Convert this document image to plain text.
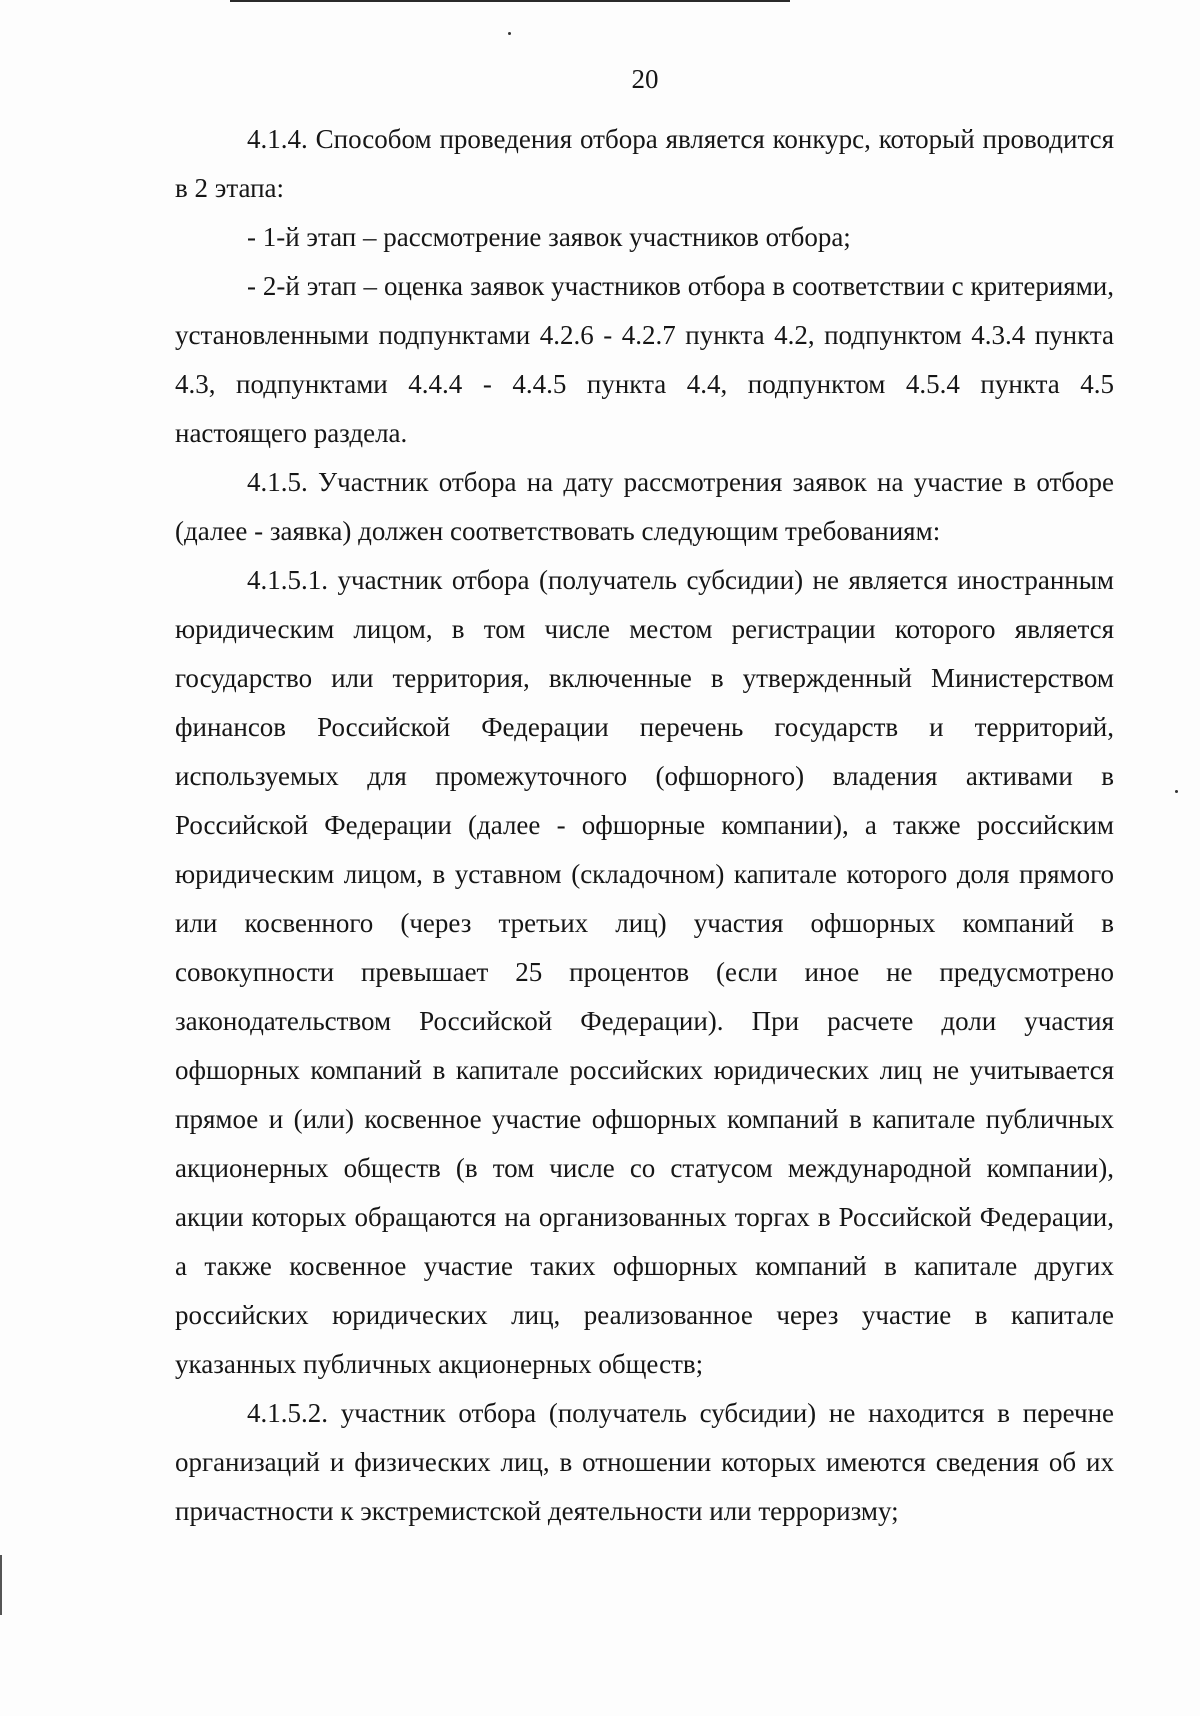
20

4.1.4. Способом проведения отбора является конкурс, который проводится в 2 этапа:

- 1-й этап – рассмотрение заявок участников отбора;

- 2-й этап – оценка заявок участников отбора в соответствии с критериями, установленными подпунктами 4.2.6 - 4.2.7 пункта 4.2, подпунктом 4.3.4 пункта 4.3, подпунктами 4.4.4 - 4.4.5 пункта 4.4, подпунктом 4.5.4 пункта 4.5 настоящего раздела.

4.1.5. Участник отбора на дату рассмотрения заявок на участие в отборе (далее - заявка) должен соответствовать следующим требованиям:

4.1.5.1. участник отбора (получатель субсидии) не является иностранным юридическим лицом, в том числе местом регистрации которого является государство или территория, включенные в утвержденный Министерством финансов Российской Федерации перечень государств и территорий, используемых для промежуточного (офшорного) владения активами в Российской Федерации (далее - офшорные компании), а также российским юридическим лицом, в уставном (складочном) капитале которого доля прямого или косвенного (через третьих лиц) участия офшорных компаний в совокупности превышает 25 процентов (если иное не предусмотрено законодательством Российской Федерации). При расчете доли участия офшорных компаний в капитале российских юридических лиц не учитывается прямое и (или) косвенное участие офшорных компаний в капитале публичных акционерных обществ (в том числе со статусом международной компании), акции которых обращаются на организованных торгах в Российской Федерации, а также косвенное участие таких офшорных компаний в капитале других российских юридических лиц, реализованное через участие в капитале указанных публичных акционерных обществ;

4.1.5.2. участник отбора (получатель субсидии) не находится в перечне организаций и физических лиц, в отношении которых имеются сведения об их причастности к экстремистской деятельности или терроризму;
